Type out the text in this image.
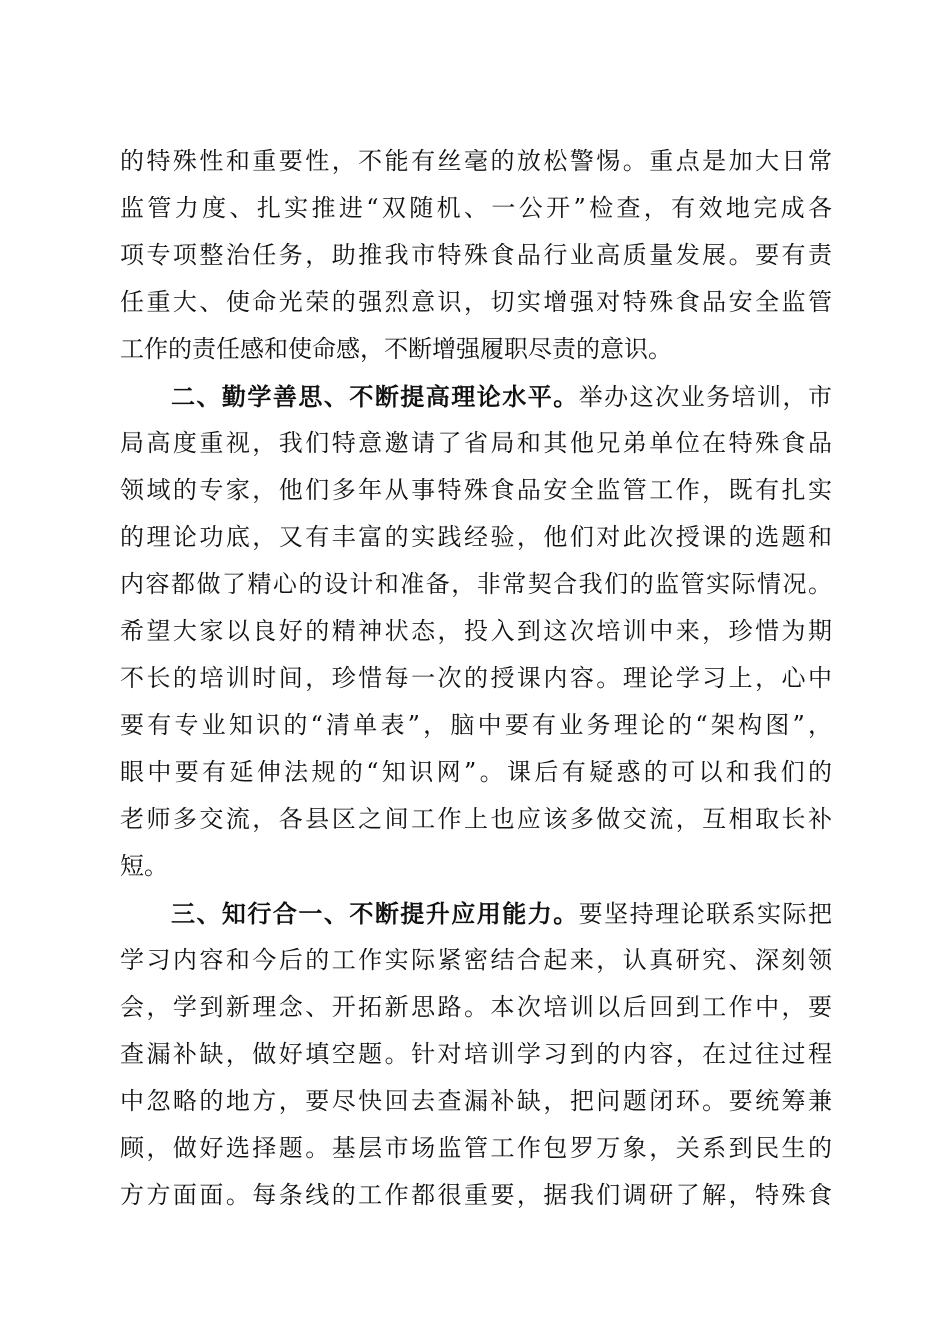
的特殊性和重要性，不能有丝毫的放松警惕。重点是加大日常
监管力度、扎实推进“双随机、一公开”检查，有效地完成各
项专项整治任务，助推我市特殊食品行业高质量发展。要有责
任重大、使命光荣的强烈意识，切实增强对特殊食品安全监管
工作的责任感和使命感，不断增强履职尽责的意识。
　　二、勤学善思、不断提高理论水平。举办这次业务培训，市
局高度重视，我们特意邀请了省局和其他兄弟单位在特殊食品
领域的专家，他们多年从事特殊食品安全监管工作，既有扎实
的理论功底，又有丰富的实践经验，他们对此次授课的选题和
内容都做了精心的设计和准备，非常契合我们的监管实际情况。
希望大家以良好的精神状态，投入到这次培训中来，珍惜为期
不长的培训时间，珍惜每一次的授课内容。理论学习上，心中
要有专业知识的“清单表”，脑中要有业务理论的“架构图”，
眼中要有延伸法规的“知识网”。课后有疑惑的可以和我们的
老师多交流，各县区之间工作上也应该多做交流，互相取长补
短。
　　三、知行合一、不断提升应用能力。要坚持理论联系实际把
学习内容和今后的工作实际紧密结合起来，认真研究、深刻领
会，学到新理念、开拓新思路。本次培训以后回到工作中，要
查漏补缺，做好填空题。针对培训学习到的内容，在过往过程
中忽略的地方，要尽快回去查漏补缺，把问题闭环。要统筹兼
顾，做好选择题。基层市场监管工作包罗万象，关系到民生的
方方面面。每条线的工作都很重要，据我们调研了解，特殊食
